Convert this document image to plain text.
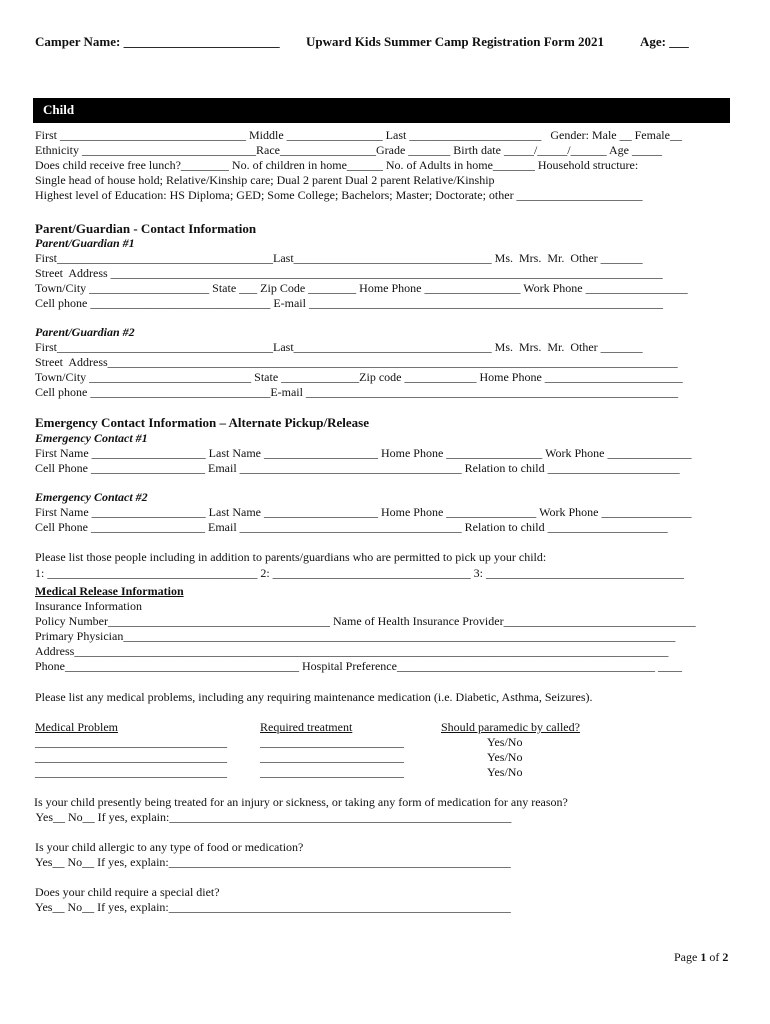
Camper Name: ________________________ Upward Kids Summer Camp Registration Form 2021	Age: ___
Child
First _______________________________ Middle ________________ Last ______________________   Gender: Male __ Female__
Ethnicity _____________________________Race________________Grade _______ Birth date _____/_____/______ Age _____
Does child receive free lunch?________ No. of children in home______ No. of Adults in home_______ Household structure:
Single head of house hold; Relative/Kinship care; Dual 2 parent Dual 2 parent Relative/Kinship
Highest level of Education: HS Diploma; GED; Some College; Bachelors; Master; Doctorate; other _____________________
Parent/Guardian - Contact Information
Parent/Guardian #1
First____________________________________Last_________________________________ Ms.  Mrs.  Mr.  Other _______
Street  Address ____________________________________________________________________________________________
Town/City ____________________ State ___ Zip Code ________ Home Phone ________________ Work Phone _________________
Cell phone ______________________________ E-mail ___________________________________________________________
Parent/Guardian #2
First____________________________________Last_________________________________ Ms.  Mrs.  Mr.  Other _______
Street  Address_______________________________________________________________________________________________
Town/City ___________________________ State _____________Zip code ____________ Home Phone _______________________
Cell phone ______________________________E-mail ______________________________________________________________
Emergency Contact Information – Alternate Pickup/Release
Emergency Contact #1
First Name ___________________ Last Name ___________________ Home Phone ________________ Work Phone ______________
Cell Phone ___________________ Email _____________________________________ Relation to child ______________________
Emergency Contact #2
First Name ___________________ Last Name ___________________ Home Phone _______________ Work Phone _______________
Cell Phone ___________________ Email _____________________________________ Relation to child ____________________
Please list those people including in addition to parents/guardians who are permitted to pick up your child:
1: ___________________________________ 2: _________________________________ 3: _________________________________
Medical Release Information
Insurance Information
Policy Number_____________________________________ Name of Health Insurance Provider________________________________
Primary Physician____________________________________________________________________________________________
Address___________________________________________________________________________________________________
Phone_______________________________________ Hospital Preference___________________________________________ ____
Please list any medical problems, including any requiring maintenance medication (i.e. Diabetic, Asthma, Seizures).
Medical Problem	Required treatment	Should paramedic by called?
________________________________	________________________	Yes/No
________________________________	________________________	Yes/No
________________________________	________________________	Yes/No
Is your child presently being treated for an injury or sickness, or taking any form of medication for any reason?
Yes__ No__ If yes, explain:_________________________________________________________
Is your child allergic to any type of food or medication?
Yes__ No__ If yes, explain:_________________________________________________________
Does your child require a special diet?
Yes__ No__ If yes, explain:_________________________________________________________
Page 1 of 2
